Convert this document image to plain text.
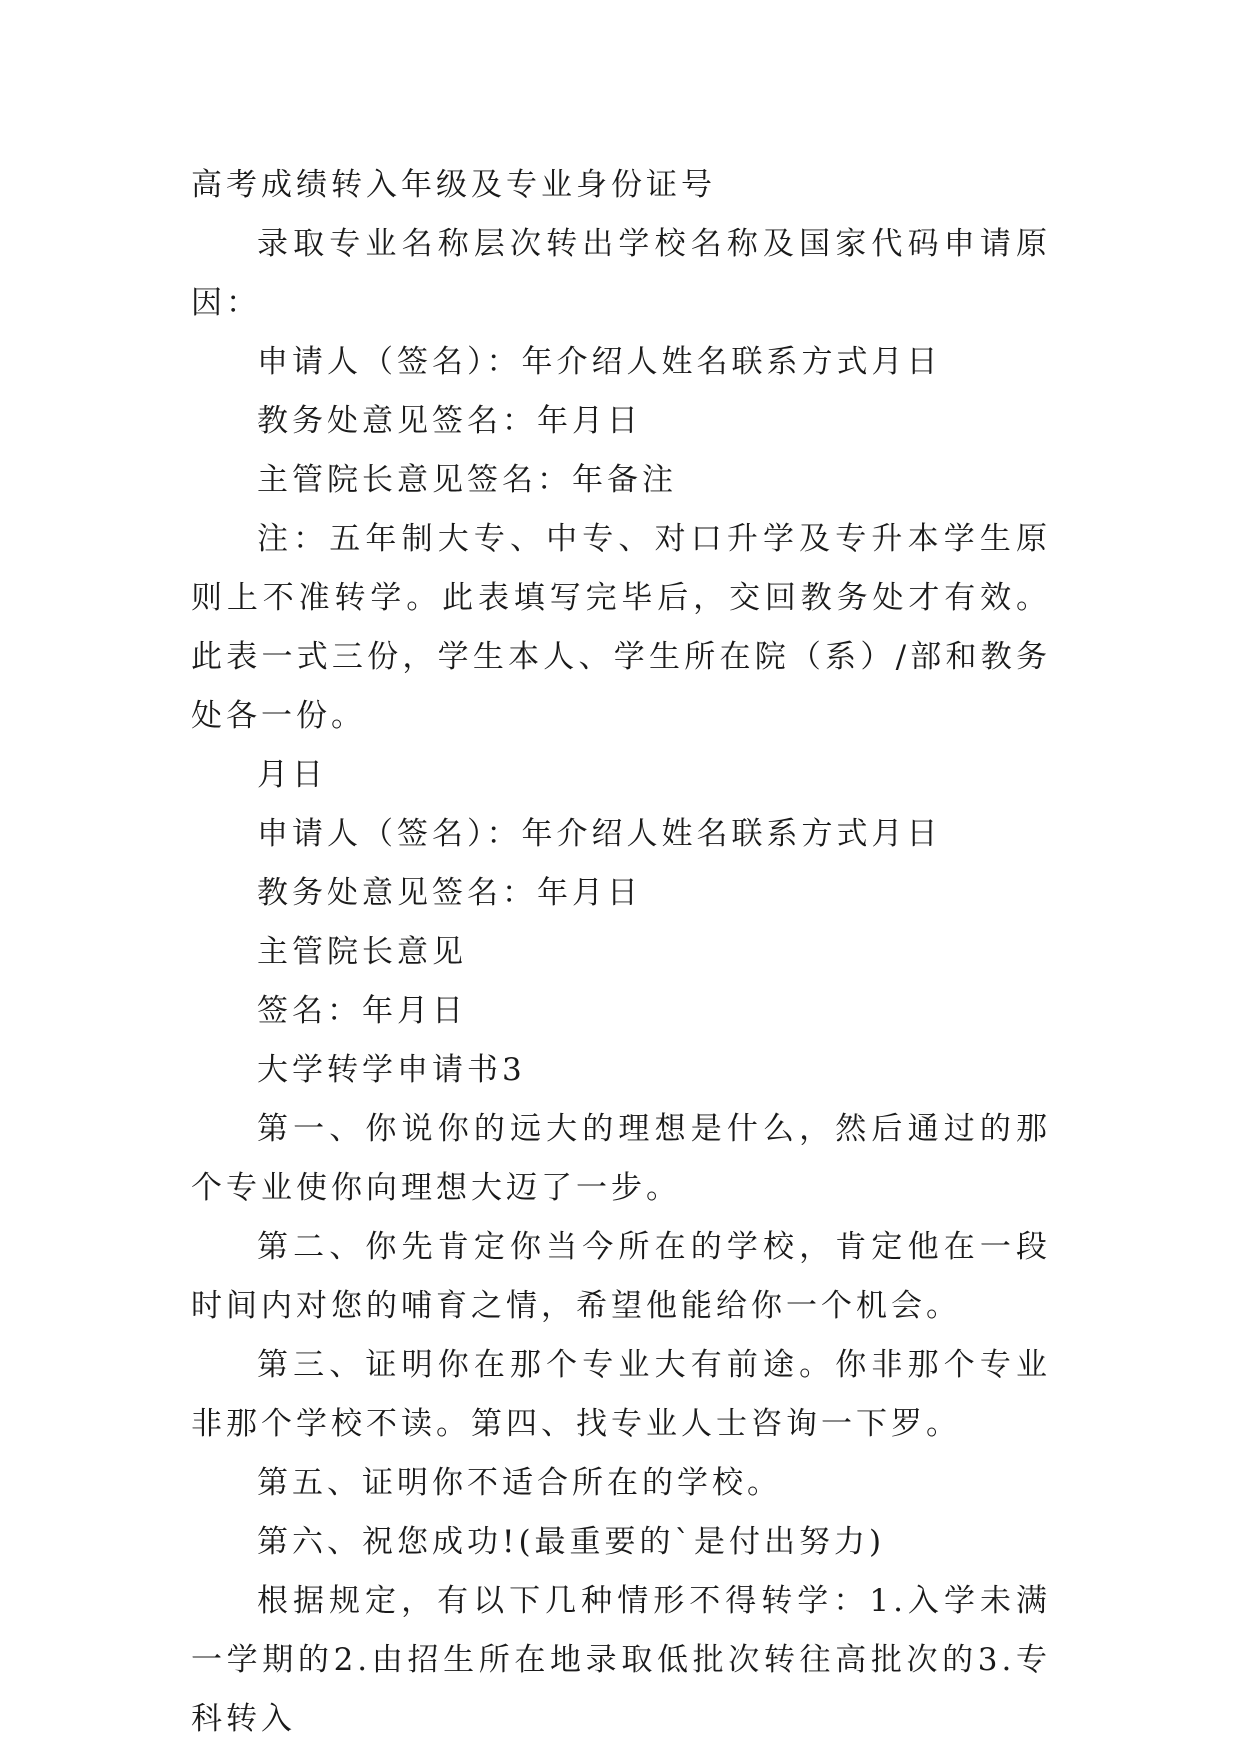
高考成绩转入年级及专业身份证号

录取专业名称层次转出学校名称及国家代码申请原因：

申请人（签名）：年介绍人姓名联系方式月日

教务处意见签名：年月日

主管院长意见签名：年备注

注：五年制大专、中专、对口升学及专升本学生原则上不准转学。此表填写完毕后，交回教务处才有效。此表一式三份，学生本人、学生所在院（系）/部和教务处各一份。

月日

申请人（签名）：年介绍人姓名联系方式月日

教务处意见签名：年月日

主管院长意见

签名：年月日

大学转学申请书3

第一、你说你的远大的理想是什么，然后通过的那个专业使你向理想大迈了一步。

第二、你先肯定你当今所在的学校，肯定他在一段时间内对您的哺育之情，希望他能给你一个机会。

第三、证明你在那个专业大有前途。你非那个专业非那个学校不读。第四、找专业人士咨询一下罗。

第五、证明你不适合所在的学校。

第六、祝您成功!(最重要的`是付出努力)

根据规定，有以下几种情形不得转学：1.入学未满一学期的2.由招生所在地录取低批次转往高批次的3.专科转入
